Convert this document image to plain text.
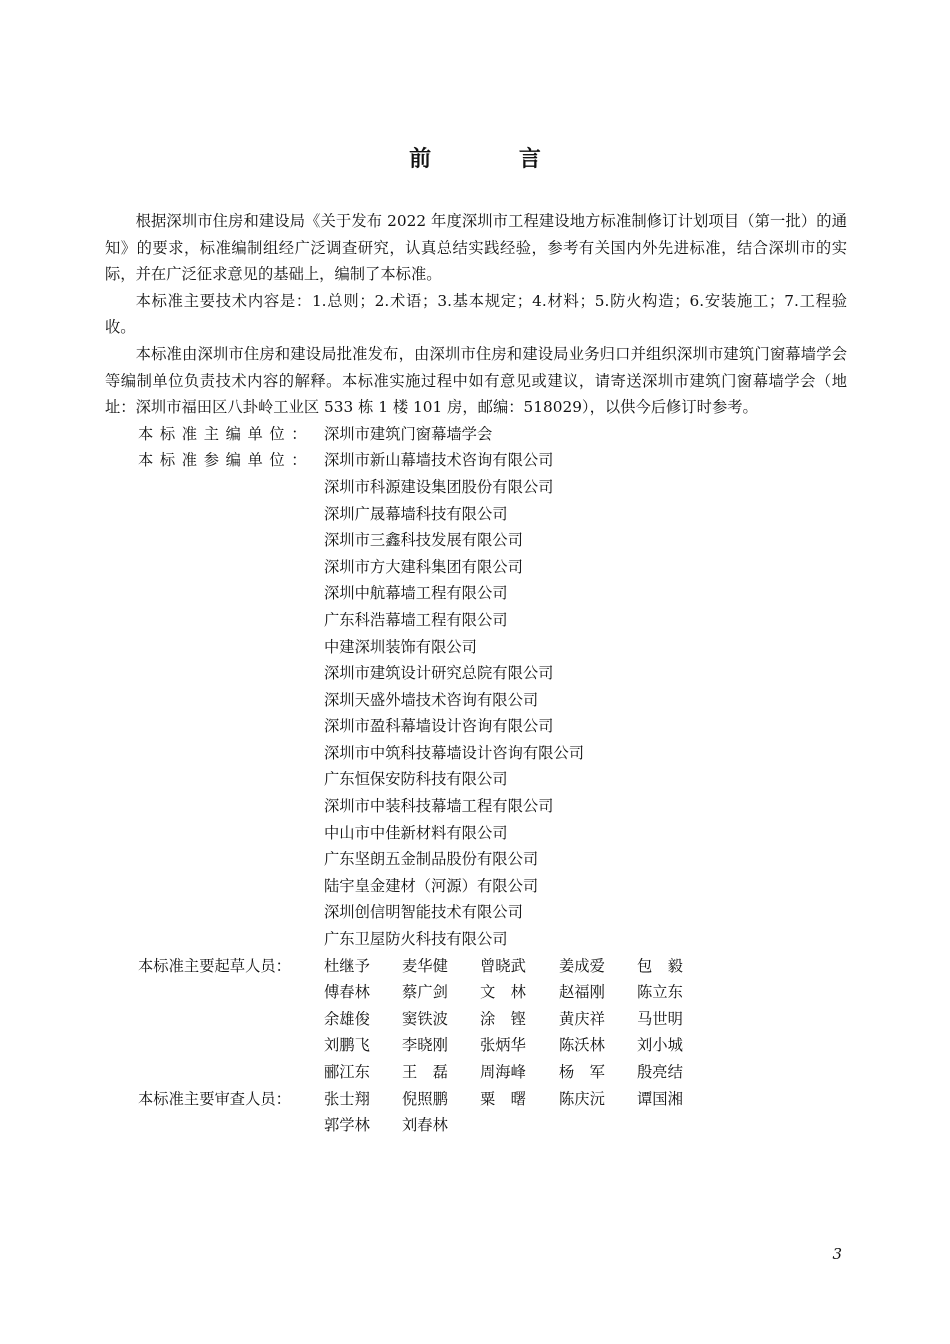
前 言

根据深圳市住房和建设局《关于发布 2022 年度深圳市工程建设地方标准制修订计划项目（第一批）的通知》的要求，标准编制组经广泛调查研究，认真总结实践经验，参考有关国内外先进标准，结合深圳市的实际，并在广泛征求意见的基础上，编制了本标准。

本标准主要技术内容是：1.总则；2.术语；3.基本规定；4.材料；5.防火构造；6.安装施工；7.工程验收。

本标准由深圳市住房和建设局批准发布，由深圳市住房和建设局业务归口并组织深圳市建筑门窗幕墙学会等编制单位负责技术内容的解释。本标准实施过程中如有意见或建议，请寄送深圳市建筑门窗幕墙学会（地址：深圳市福田区八卦岭工业区 533 栋 1 楼 101 房，邮编：518029），以供今后修订时参考。

本标准主编单位： 深圳市建筑门窗幕墙学会
本标准参编单位： 深圳市新山幕墙技术咨询有限公司
深圳市科源建设集团股份有限公司
深圳广晟幕墙科技有限公司
深圳市三鑫科技发展有限公司
深圳市方大建科集团有限公司
深圳中航幕墙工程有限公司
广东科浩幕墙工程有限公司
中建深圳装饰有限公司
深圳市建筑设计研究总院有限公司
深圳天盛外墙技术咨询有限公司
深圳市盈科幕墙设计咨询有限公司
深圳市中筑科技幕墙设计咨询有限公司
广东恒保安防科技有限公司
深圳市中装科技幕墙工程有限公司
中山市中佳新材料有限公司
广东坚朗五金制品股份有限公司
陆宇皇金建材（河源）有限公司
深圳创信明智能技术有限公司
广东卫屋防火科技有限公司
本标准主要起草人员： 杜继予	麦华健	曾晓武	姜成爱	包　毅
傅春林	蔡广剑	文　林	赵福刚	陈立东
余雄俊	窦铁波	涂　铿	黄庆祥	马世明
刘鹏飞	李晓刚	张炳华	陈沃林	刘小城
郦江东	王　磊	周海峰	杨　军	殷亮结
本标准主要审查人员： 张士翔	倪照鹏	粟　曙	陈庆沅	谭国湘
郭学林	刘春林
3
